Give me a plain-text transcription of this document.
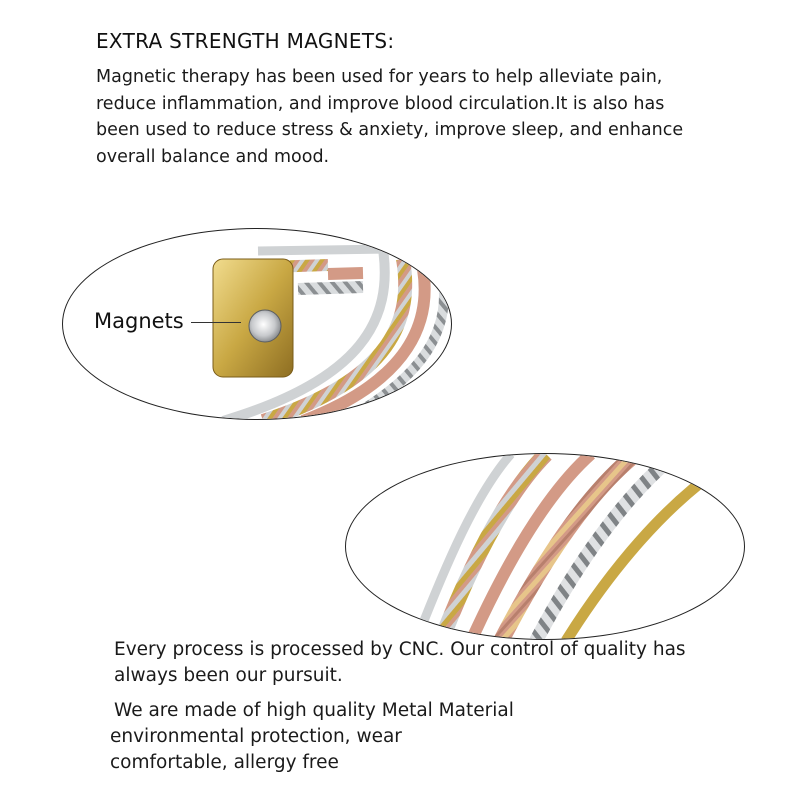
EXTRA STRENGTH MAGNETS:
Magnetic therapy has been used for years to help alleviate pain,
reduce inflammation, and improve blood circulation.It is also has
been used to reduce stress & anxiety, improve sleep, and enhance
overall balance and mood.
Magnets
Every process is processed by CNC. Our control of quality has
always been our pursuit.
We are made of high quality Metal Material
environmental protection, wear
comfortable, allergy free
